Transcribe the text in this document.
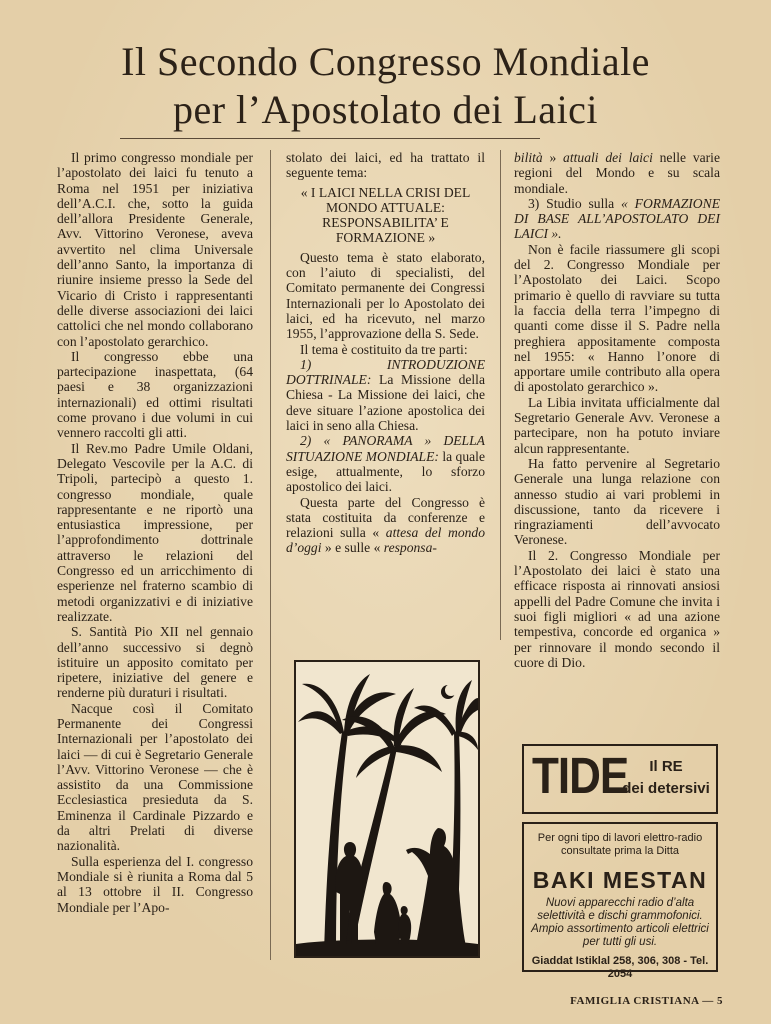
Il Secondo Congresso Mondiale
per l’Apostolato dei Laici

Il primo congresso mondiale per l’apostolato dei laici fu tenuto a Roma nel 1951 per iniziativa dell’A.C.I. che, sotto la guida dell’allora Presidente Generale, Avv. Vittorino Veronese, aveva avvertito nel clima Universale dell’anno Santo, la importanza di riunire insieme presso la Sede del Vicario di Cristo i rappresentanti delle diverse associazioni dei laici cattolici che nel mondo collaborano con l’apostolato gerarchico.

Il congresso ebbe una partecipazione inaspettata, (64 paesi e 38 organizzazioni internazionali) ed ottimi risultati come provano i due volumi in cui vennero raccolti gli atti.

Il Rev.mo Padre Umile Oldani, Delegato Vescovile per la A.C. di Tripoli, partecipò a questo 1. congresso mondiale, quale rappresentante e ne riportò una entusiastica impressione, per l’approfondimento dottrinale attraverso le relazioni del Congresso ed un arricchimento di esperienze nel fraterno scambio di metodi organizzativi e di iniziative realizzate.

S. Santità Pio XII nel gennaio dell’anno successivo si degnò istituire un apposito comitato per ripetere, iniziative del genere e renderne più duraturi i risultati.

Nacque così il Comitato Permanente dei Congressi Internazionali per l’apostolato dei laici — di cui è Segretario Generale l’Avv. Vittorino Veronese — che è assistito da una Commissione Ecclesiastica presieduta da S. Eminenza il Cardinale Pizzardo e da altri Prelati di diverse nazionalità.

Sulla esperienza del I. congresso Mondiale si è riunita a Roma dal 5 al 13 ottobre il II. Congresso Mondiale per l’Apo-

stolato dei laici, ed ha trattato il seguente tema:

« I LAICI NELLA CRISI DEL MONDO ATTUALE: RESPONSABILITA’ E FORMAZIONE »

Questo tema è stato elaborato, con l’aiuto di specialisti, del Comitato permanente dei Congressi Internazionali per lo Apostolato dei laici, ed ha ricevuto, nel marzo 1955, l’approvazione della S. Sede.

Il tema è costituito da tre parti:

1) INTRODUZIONE DOTTRINALE: La Missione della Chiesa - La Missione dei laici, che deve situare l’azione apostolica dei laici in seno alla Chiesa.

2) « PANORAMA » DELLA SITUAZIONE MONDIALE: la quale esige, attualmente, lo sforzo apostolico dei laici.

Questa parte del Congresso è stata costituita da conferenze e relazioni sulla « attesa del mondo d’oggi » e sulle « responsa-

bilità » attuali dei laici nelle varie regioni del Mondo e su scala mondiale.

3) Studio sulla « FORMAZIONE DI BASE ALL’APOSTOLATO DEI LAICI ».

Non è facile riassumere gli scopi del 2. Congresso Mondiale per l’Apostolato dei Laici. Scopo primario è quello di ravviare su tutta la faccia della terra l’impegno di quanti come disse il S. Padre nella preghiera appositamente composta nel 1955: « Hanno l’onore di apportare umile contributo alla opera di apostolato gerarchico ».

La Libia invitata ufficialmente dal Segretario Generale Avv. Veronese a partecipare, non ha potuto inviare alcun rappresentante.

Ha fatto pervenire al Segretario Generale una lunga relazione con annesso studio ai vari problemi in discussione, tanto da ricevere i ringraziamenti dell’avvocato Veronese.

Il 2. Congresso Mondiale per l’Apostolato dei laici è stato una efficace risposta ai rinnovati ansiosi appelli del Padre Comune che invita i suoi figli migliori « ad una azione tempestiva, concorde ed organica » per rinnovare il mondo secondo il cuore di Dio.

TIDE	Il RE
dei detersivi
Per ogni tipo di lavori elettro-radio consultate prima la Ditta
BAKI MESTAN
Nuovi apparecchi radio d’alta selettività e dischi grammofonici. Ampio assortimento articoli elettrici per tutti gli usi.
Giaddat Istiklal 258, 306, 308 - Tel. 2054
FAMIGLIA CRISTIANA — 5
